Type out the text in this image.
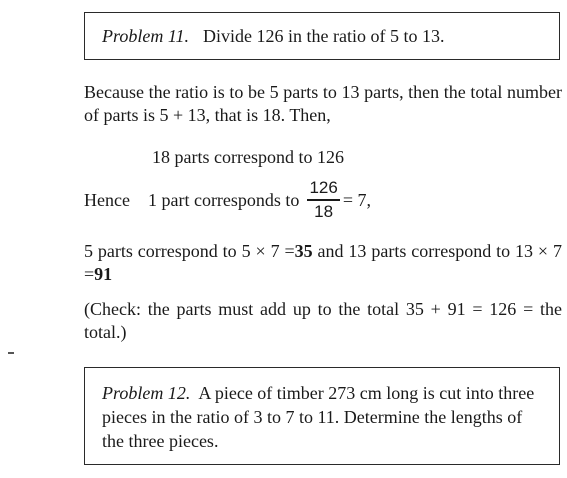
Problem 11. Divide 126 in the ratio of 5 to 13.
Because the ratio is to be 5 parts to 13 parts, then the total number of parts is 5 + 13, that is 18. Then,
18 parts correspond to 126
Hence 1 part corresponds to $\frac{126}{18} = 7$,
5 parts correspond to 5 × 7 =35 and 13 parts correspond to 13 × 7 =91
(Check: the parts must add up to the total 35 + 91 = 126 = the total.)
Problem 12. A piece of timber 273 cm long is cut into three pieces in the ratio of 3 to 7 to 11. Determine the lengths of the three pieces.
